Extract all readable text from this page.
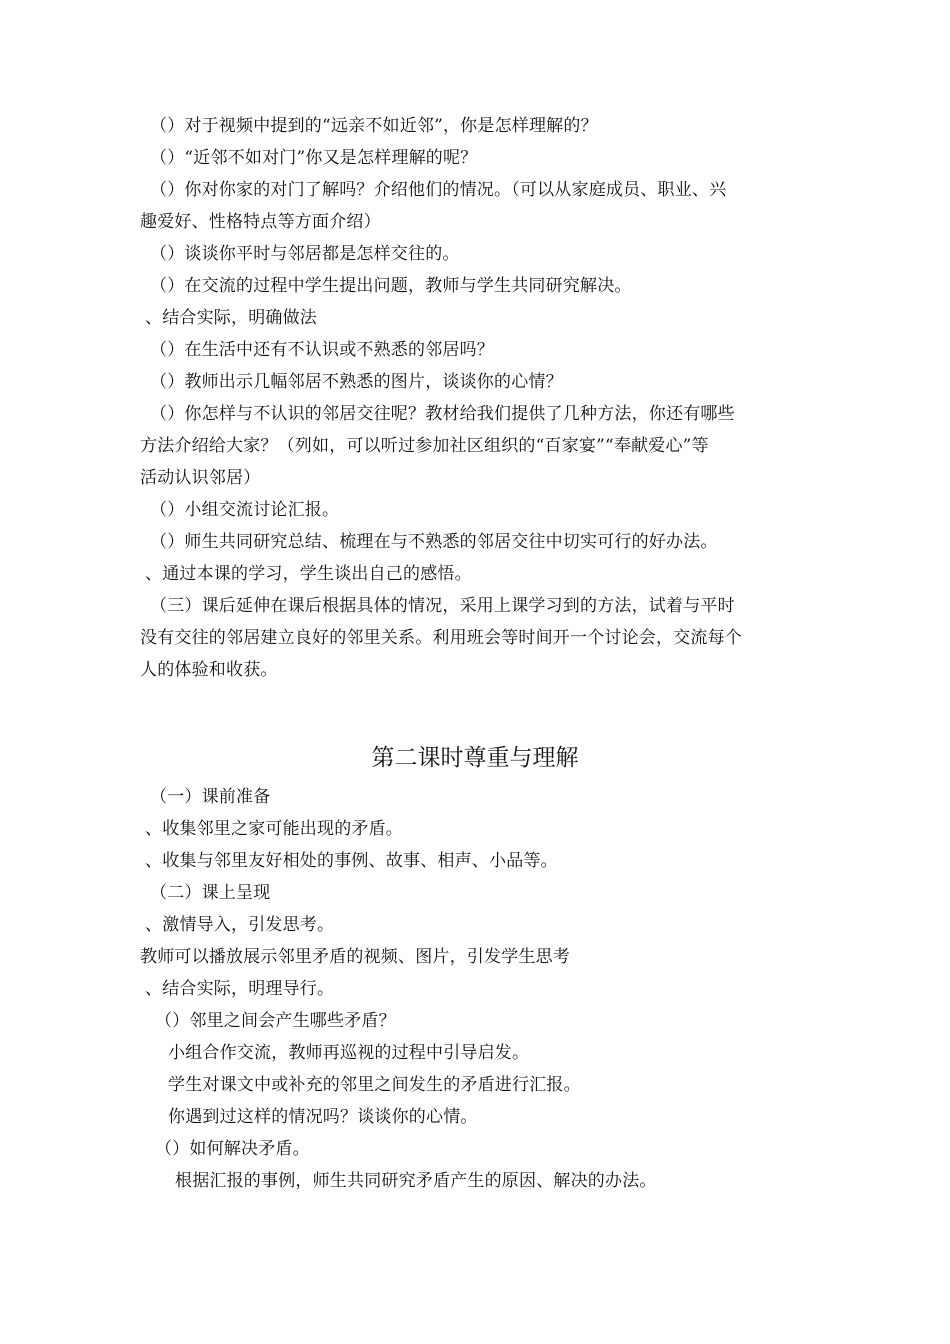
（）对于视频中提到的“远亲不如近邻”，你是怎样理解的？
（）“近邻不如对门”你又是怎样理解的呢？
（）你对你家的对门了解吗？介绍他们的情况。（可以从家庭成员、职业、兴
趣爱好、性格特点等方面介绍）
（）谈谈你平时与邻居都是怎样交往的。
（）在交流的过程中学生提出问题，教师与学生共同研究解决。
、结合实际，明确做法
（）在生活中还有不认识或不熟悉的邻居吗？
（）教师出示几幅邻居不熟悉的图片，谈谈你的心情？
（）你怎样与不认识的邻居交往呢？教材给我们提供了几种方法，你还有哪些
方法介绍给大家？（列如，可以听过参加社区组织的“百家宴”“奉献爱心”等
活动认识邻居）
（）小组交流讨论汇报。
（）师生共同研究总结、梳理在与不熟悉的邻居交往中切实可行的好办法。
、通过本课的学习，学生谈出自己的感悟。
（三）课后延伸在课后根据具体的情况，采用上课学习到的方法，试着与平时
没有交往的邻居建立良好的邻里关系。利用班会等时间开一个讨论会，交流每个
人的体验和收获。
第二课时尊重与理解
（一）课前准备
、收集邻里之家可能出现的矛盾。
、收集与邻里友好相处的事例、故事、相声、小品等。
（二）课上呈现
、激情导入，引发思考。
教师可以播放展示邻里矛盾的视频、图片，引发学生思考
、结合实际，明理导行。
（）邻里之间会产生哪些矛盾？
小组合作交流，教师再巡视的过程中引导启发。
学生对课文中或补充的邻里之间发生的矛盾进行汇报。
你遇到过这样的情况吗？谈谈你的心情。
（）如何解决矛盾。
根据汇报的事例，师生共同研究矛盾产生的原因、解决的办法。
